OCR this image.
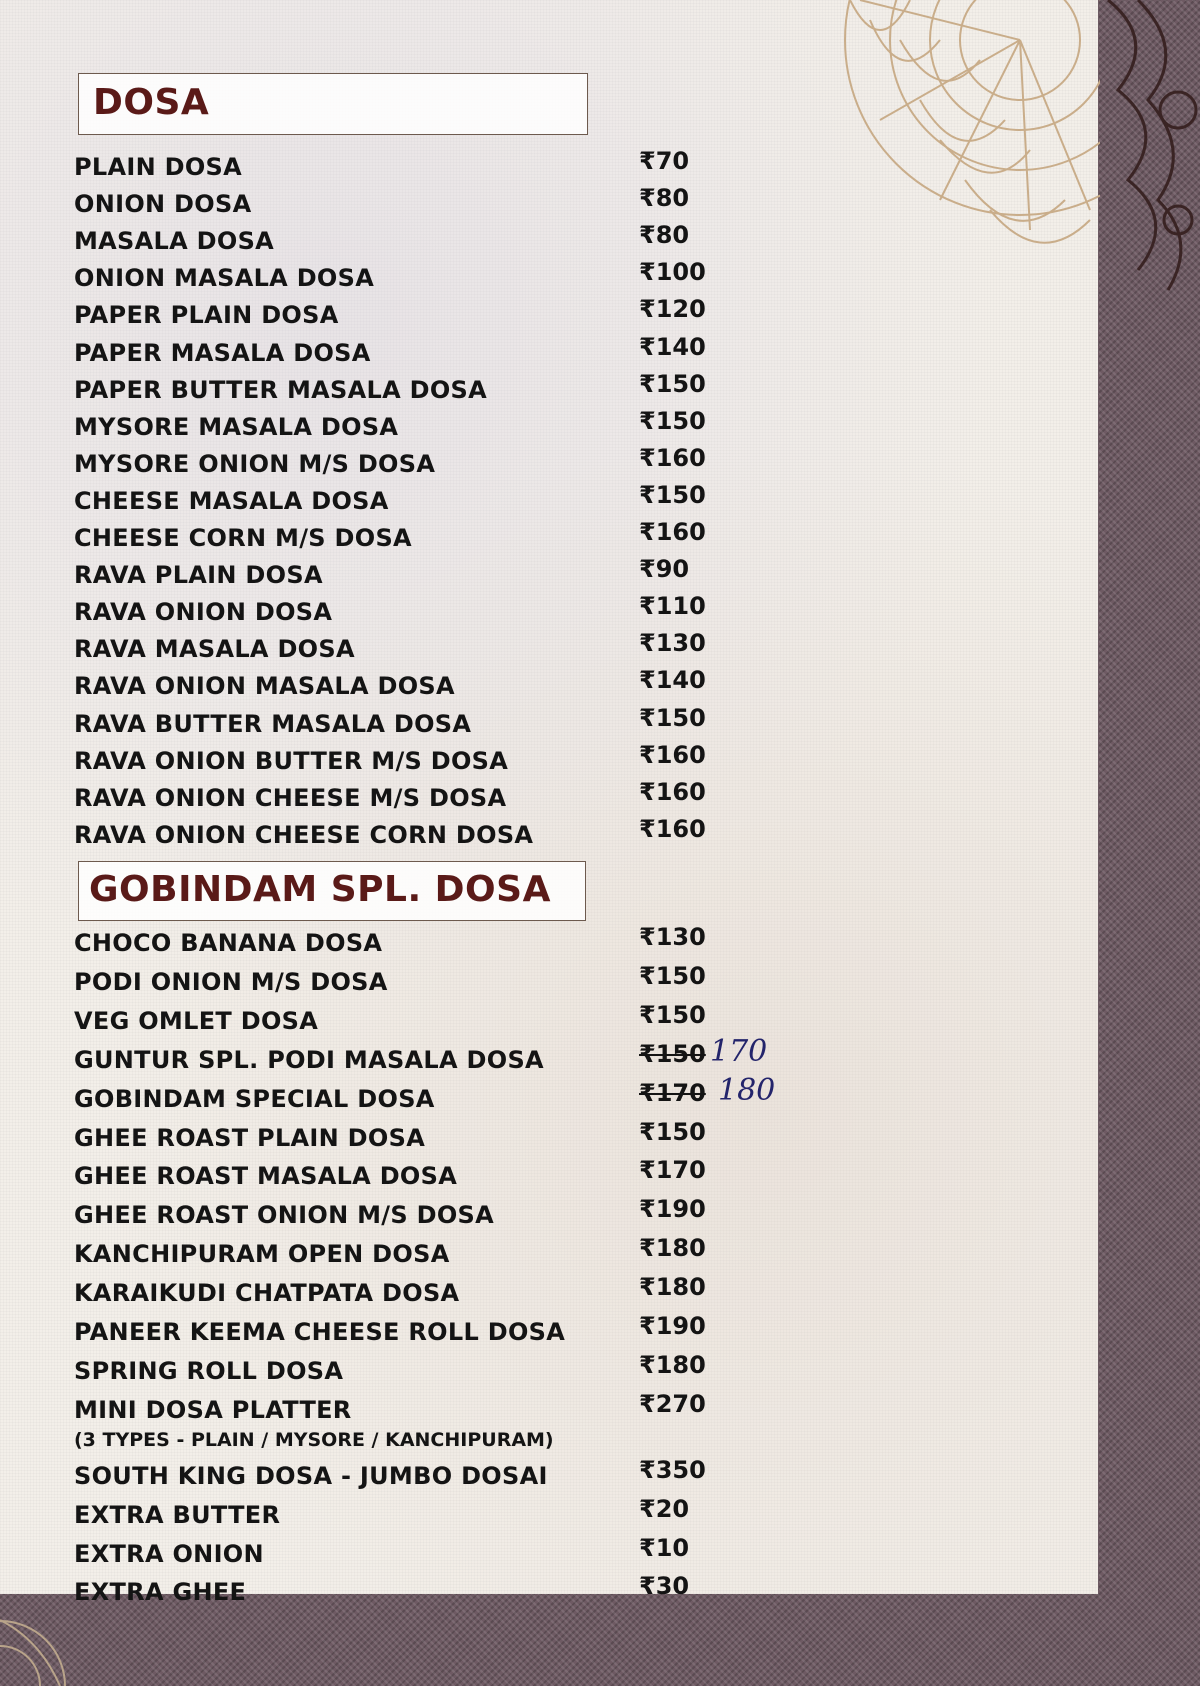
DOSA
PLAIN DOSA	₹70
ONION DOSA	₹80
MASALA DOSA	₹80
ONION MASALA DOSA	₹100
PAPER PLAIN DOSA	₹120
PAPER MASALA DOSA	₹140
PAPER BUTTER MASALA DOSA	₹150
MYSORE MASALA DOSA	₹150
MYSORE ONION M/S DOSA	₹160
CHEESE MASALA DOSA	₹150
CHEESE CORN M/S DOSA	₹160
RAVA PLAIN DOSA	₹90
RAVA ONION DOSA	₹110
RAVA MASALA DOSA	₹130
RAVA ONION MASALA DOSA	₹140
RAVA BUTTER MASALA DOSA	₹150
RAVA ONION BUTTER M/S DOSA	₹160
RAVA ONION CHEESE M/S DOSA	₹160
RAVA ONION CHEESE CORN DOSA	₹160
GOBINDAM SPL. DOSA
CHOCO BANANA DOSA	₹130
PODI ONION M/S DOSA	₹150
VEG OMLET DOSA	₹150
GUNTUR SPL. PODI MASALA DOSA	₹150 170
GOBINDAM SPECIAL DOSA	₹170 180
GHEE ROAST PLAIN DOSA	₹150
GHEE ROAST MASALA DOSA	₹170
GHEE ROAST ONION M/S DOSA	₹190
KANCHIPURAM OPEN DOSA	₹180
KARAIKUDI CHATPATA DOSA	₹180
PANEER KEEMA CHEESE ROLL DOSA	₹190
SPRING ROLL DOSA	₹180
MINI DOSA PLATTER	₹270
(3 TYPES - PLAIN / MYSORE / KANCHIPURAM)
SOUTH KING DOSA - JUMBO DOSAI	₹350
EXTRA BUTTER	₹20
EXTRA ONION	₹10
EXTRA GHEE	₹30
